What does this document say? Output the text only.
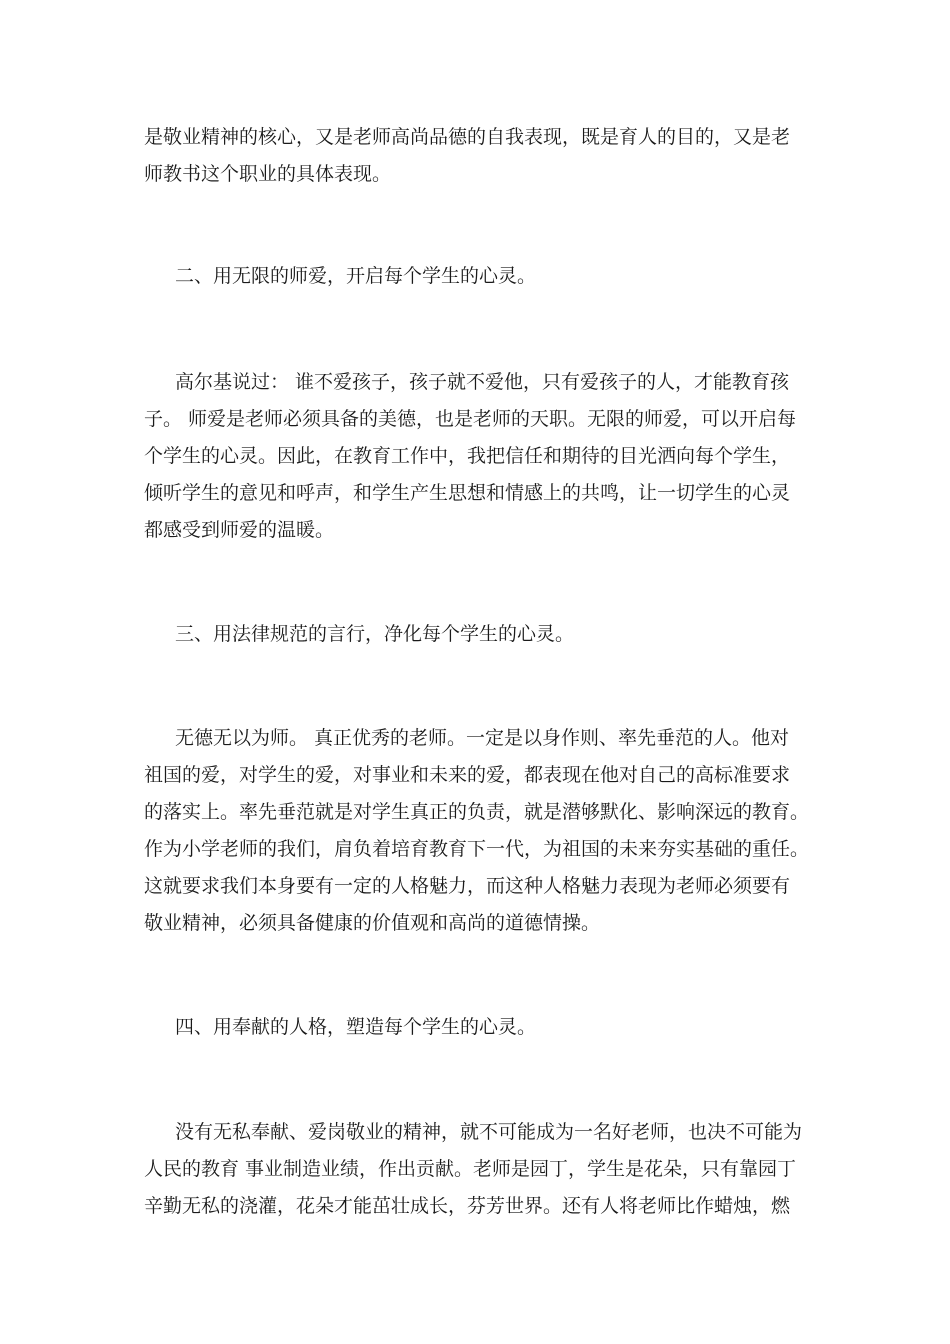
是敬业精神的核心，又是老师高尚品德的自我表现，既是育人的目的，又是老

师教书这个职业的具体表现。

二、用无限的师爱，开启每个学生的心灵。

高尔基说过： 谁不爱孩子，孩子就不爱他，只有爱孩子的人，才能教育孩

子。 师爱是老师必须具备的美德，也是老师的天职。无限的师爱，可以开启每

个学生的心灵。因此，在教育工作中，我把信任和期待的目光洒向每个学生，

倾听学生的意见和呼声，和学生产生思想和情感上的共鸣，让一切学生的心灵

都感受到师爱的温暖。

三、用法律规范的言行，净化每个学生的心灵。

无德无以为师。 真正优秀的老师。一定是以身作则、率先垂范的人。他对

祖国的爱，对学生的爱，对事业和未来的爱，都表现在他对自己的高标准要求

的落实上。率先垂范就是对学生真正的负责，就是潜够默化、影响深远的教育。

作为小学老师的我们，肩负着培育教育下一代，为祖国的未来夯实基础的重任。

这就要求我们本身要有一定的人格魅力，而这种人格魅力表现为老师必须要有

敬业精神，必须具备健康的价值观和高尚的道德情操。

四、用奉献的人格，塑造每个学生的心灵。

没有无私奉献、爱岗敬业的精神，就不可能成为一名好老师，也决不可能为

人民的教育 事业制造业绩，作出贡献。老师是园丁，学生是花朵，只有靠园丁

辛勤无私的浇灌，花朵才能茁壮成长，芬芳世界。还有人将老师比作蜡烛，燃
